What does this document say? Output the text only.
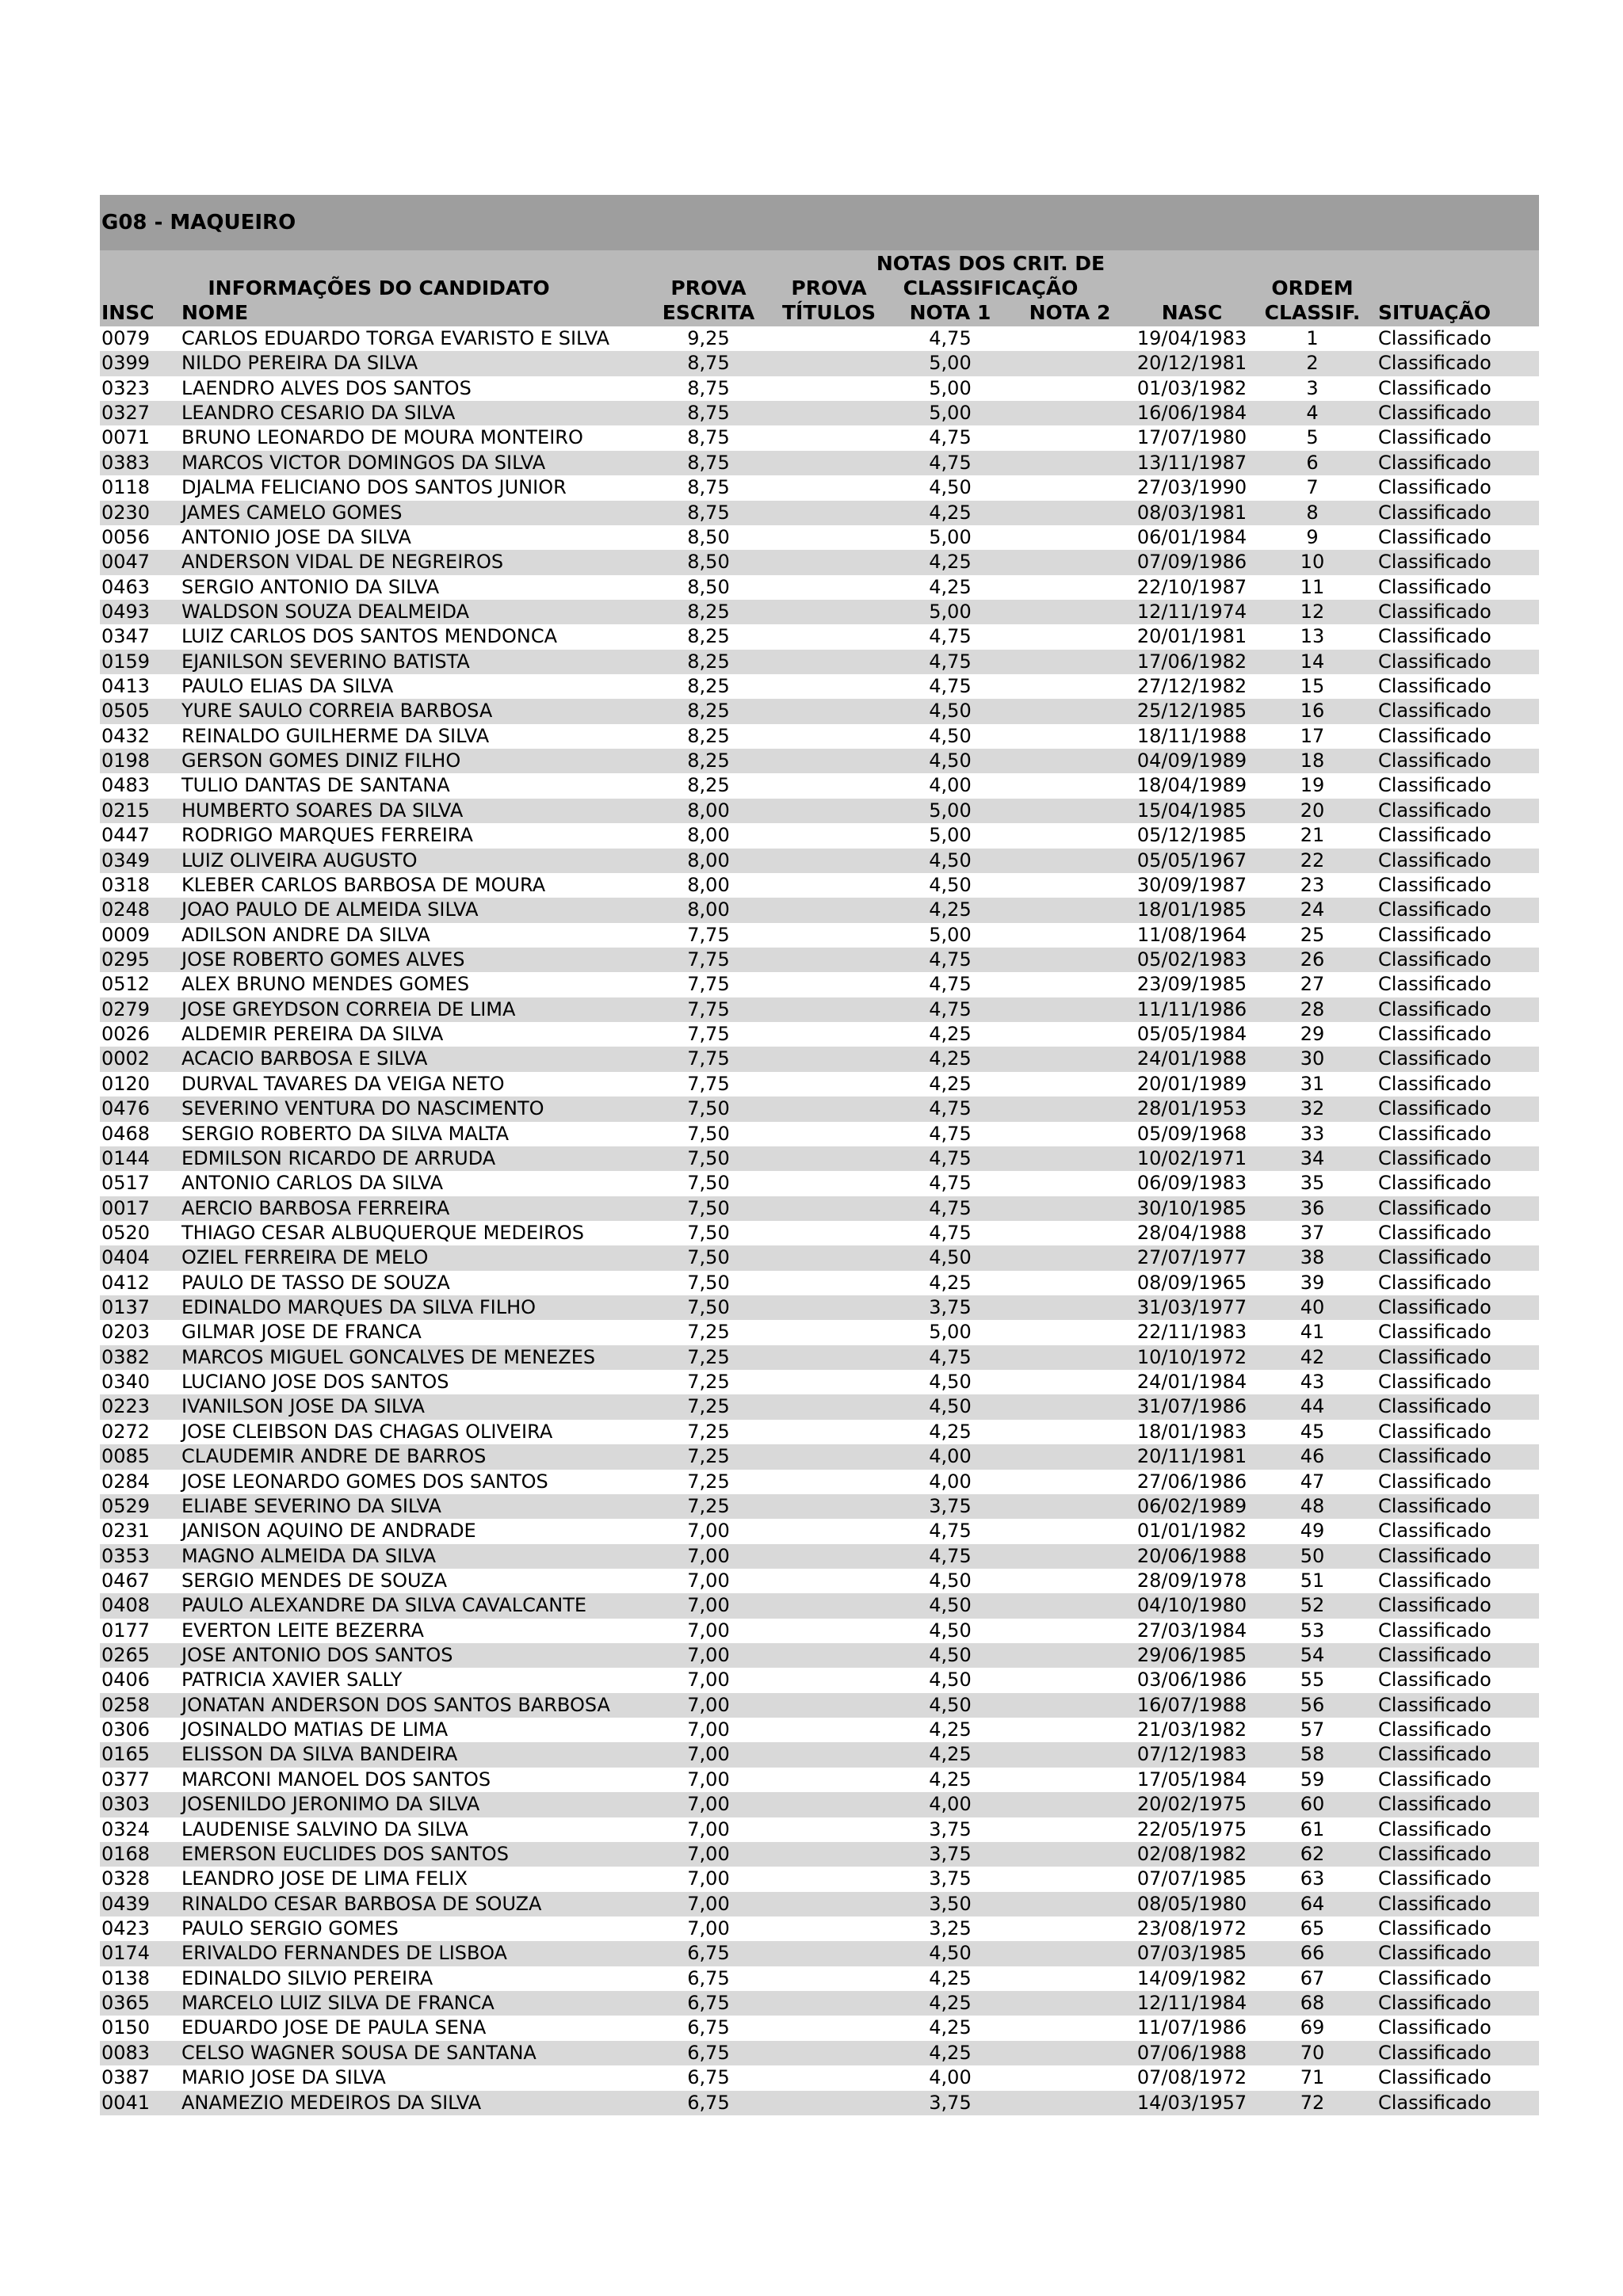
G08 - MAQUEIRO
NOTAS DOS CRIT. DE
INFORMAÇÕES DO CANDIDATO	PROVA PROVA CLASSIFICAÇÃO	ORDEM
INSC NOME	ESCRITA TÍTULOS NOTA 1 NOTA 2	NASC CLASSIF. SITUAÇÃO
0079 CARLOS EDUARDO TORGA EVARISTO E SILVA	9,25	4,75	19/04/1983	1	Classificado
0399 NILDO PEREIRA DA SILVA	8,75	5,00	20/12/1981	2	Classificado
0323 LAENDRO ALVES DOS SANTOS	8,75	5,00	01/03/1982	3	Classificado
0327 LEANDRO CESARIO DA SILVA	8,75	5,00	16/06/1984	4	Classificado
0071 BRUNO LEONARDO DE MOURA MONTEIRO	8,75	4,75	17/07/1980	5	Classificado
0383 MARCOS VICTOR DOMINGOS DA SILVA	8,75	4,75	13/11/1987	6	Classificado
0118 DJALMA FELICIANO DOS SANTOS JUNIOR	8,75	4,50	27/03/1990	7	Classificado
0230 JAMES CAMELO GOMES	8,75	4,25	08/03/1981	8	Classificado
0056 ANTONIO JOSE DA SILVA	8,50	5,00	06/01/1984	9	Classificado
0047 ANDERSON VIDAL DE NEGREIROS	8,50	4,25	07/09/1986	10	Classificado
0463 SERGIO ANTONIO DA SILVA	8,50	4,25	22/10/1987	11	Classificado
0493 WALDSON SOUZA DEALMEIDA	8,25	5,00	12/11/1974	12	Classificado
0347 LUIZ CARLOS DOS SANTOS MENDONCA	8,25	4,75	20/01/1981	13	Classificado
0159 EJANILSON SEVERINO BATISTA	8,25	4,75	17/06/1982	14	Classificado
0413 PAULO ELIAS DA SILVA	8,25	4,75	27/12/1982	15	Classificado
0505 YURE SAULO CORREIA BARBOSA	8,25	4,50	25/12/1985	16	Classificado
0432 REINALDO GUILHERME DA SILVA	8,25	4,50	18/11/1988	17	Classificado
0198 GERSON GOMES DINIZ FILHO	8,25	4,50	04/09/1989	18	Classificado
0483 TULIO DANTAS DE SANTANA	8,25	4,00	18/04/1989	19	Classificado
0215 HUMBERTO SOARES DA SILVA	8,00	5,00	15/04/1985	20	Classificado
0447 RODRIGO MARQUES FERREIRA	8,00	5,00	05/12/1985	21	Classificado
0349 LUIZ OLIVEIRA AUGUSTO	8,00	4,50	05/05/1967	22	Classificado
0318 KLEBER CARLOS BARBOSA DE MOURA	8,00	4,50	30/09/1987	23	Classificado
0248 JOAO PAULO DE ALMEIDA SILVA	8,00	4,25	18/01/1985	24	Classificado
0009 ADILSON ANDRE DA SILVA	7,75	5,00	11/08/1964	25	Classificado
0295 JOSE ROBERTO GOMES ALVES	7,75	4,75	05/02/1983	26	Classificado
0512 ALEX BRUNO MENDES GOMES	7,75	4,75	23/09/1985	27	Classificado
0279 JOSE GREYDSON CORREIA DE LIMA	7,75	4,75	11/11/1986	28	Classificado
0026 ALDEMIR PEREIRA DA SILVA	7,75	4,25	05/05/1984	29	Classificado
0002 ACACIO BARBOSA E SILVA	7,75	4,25	24/01/1988	30	Classificado
0120 DURVAL TAVARES DA VEIGA NETO	7,75	4,25	20/01/1989	31	Classificado
0476 SEVERINO VENTURA DO NASCIMENTO	7,50	4,75	28/01/1953	32	Classificado
0468 SERGIO ROBERTO DA SILVA MALTA	7,50	4,75	05/09/1968	33	Classificado
0144 EDMILSON RICARDO DE ARRUDA	7,50	4,75	10/02/1971	34	Classificado
0517 ANTONIO CARLOS DA SILVA	7,50	4,75	06/09/1983	35	Classificado
0017 AERCIO BARBOSA FERREIRA	7,50	4,75	30/10/1985	36	Classificado
0520 THIAGO CESAR ALBUQUERQUE MEDEIROS	7,50	4,75	28/04/1988	37	Classificado
0404 OZIEL FERREIRA DE MELO	7,50	4,50	27/07/1977	38	Classificado
0412 PAULO DE TASSO DE SOUZA	7,50	4,25	08/09/1965	39	Classificado
0137 EDINALDO MARQUES DA SILVA FILHO	7,50	3,75	31/03/1977	40	Classificado
0203 GILMAR JOSE DE FRANCA	7,25	5,00	22/11/1983	41	Classificado
0382 MARCOS MIGUEL GONCALVES DE MENEZES	7,25	4,75	10/10/1972	42	Classificado
0340 LUCIANO JOSE DOS SANTOS	7,25	4,50	24/01/1984	43	Classificado
0223 IVANILSON JOSE DA SILVA	7,25	4,50	31/07/1986	44	Classificado
0272 JOSE CLEIBSON DAS CHAGAS OLIVEIRA	7,25	4,25	18/01/1983	45	Classificado
0085 CLAUDEMIR ANDRE DE BARROS	7,25	4,00	20/11/1981	46	Classificado
0284 JOSE LEONARDO GOMES DOS SANTOS	7,25	4,00	27/06/1986	47	Classificado
0529 ELIABE SEVERINO DA SILVA	7,25	3,75	06/02/1989	48	Classificado
0231 JANISON AQUINO DE ANDRADE	7,00	4,75	01/01/1982	49	Classificado
0353 MAGNO ALMEIDA DA SILVA	7,00	4,75	20/06/1988	50	Classificado
0467 SERGIO MENDES DE SOUZA	7,00	4,50	28/09/1978	51	Classificado
0408 PAULO ALEXANDRE DA SILVA CAVALCANTE	7,00	4,50	04/10/1980	52	Classificado
0177 EVERTON LEITE BEZERRA	7,00	4,50	27/03/1984	53	Classificado
0265 JOSE ANTONIO DOS SANTOS	7,00	4,50	29/06/1985	54	Classificado
0406 PATRICIA XAVIER SALLY	7,00	4,50	03/06/1986	55	Classificado
0258 JONATAN ANDERSON DOS SANTOS BARBOSA	7,00	4,50	16/07/1988	56	Classificado
0306 JOSINALDO MATIAS DE LIMA	7,00	4,25	21/03/1982	57	Classificado
0165 ELISSON DA SILVA BANDEIRA	7,00	4,25	07/12/1983	58	Classificado
0377 MARCONI MANOEL DOS SANTOS	7,00	4,25	17/05/1984	59	Classificado
0303 JOSENILDO JERONIMO DA SILVA	7,00	4,00	20/02/1975	60	Classificado
0324 LAUDENISE SALVINO DA SILVA	7,00	3,75	22/05/1975	61	Classificado
0168 EMERSON EUCLIDES DOS SANTOS	7,00	3,75	02/08/1982	62	Classificado
0328 LEANDRO JOSE DE LIMA FELIX	7,00	3,75	07/07/1985	63	Classificado
0439 RINALDO CESAR BARBOSA DE SOUZA	7,00	3,50	08/05/1980	64	Classificado
0423 PAULO SERGIO GOMES	7,00	3,25	23/08/1972	65	Classificado
0174 ERIVALDO FERNANDES DE LISBOA	6,75	4,50	07/03/1985	66	Classificado
0138 EDINALDO SILVIO PEREIRA	6,75	4,25	14/09/1982	67	Classificado
0365 MARCELO LUIZ SILVA DE FRANCA	6,75	4,25	12/11/1984	68	Classificado
0150 EDUARDO JOSE DE PAULA SENA	6,75	4,25	11/07/1986	69	Classificado
0083 CELSO WAGNER SOUSA DE SANTANA	6,75	4,25	07/06/1988	70	Classificado
0387 MARIO JOSE DA SILVA	6,75	4,00	07/08/1972	71	Classificado
0041 ANAMEZIO MEDEIROS DA SILVA	6,75	3,75	14/03/1957	72	Classificado
